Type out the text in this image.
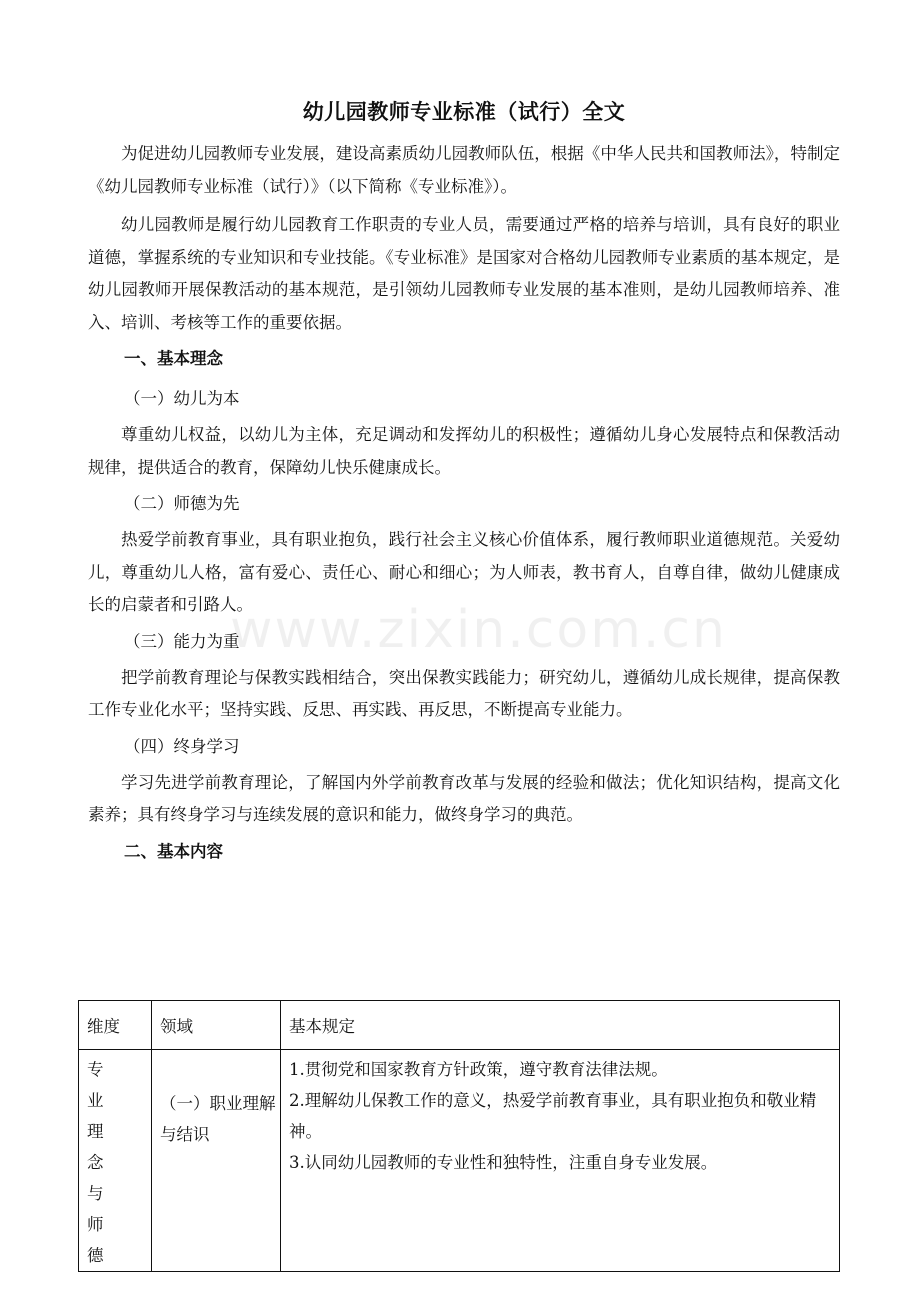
www.zixin.com.cn
幼儿园教师专业标准（试行）全文

为促进幼儿园教师专业发展，建设高素质幼儿园教师队伍，根据《中华人民共和国教师法》，特制定《幼儿园教师专业标准（试行）》（以下简称《专业标准》）。

幼儿园教师是履行幼儿园教育工作职责的专业人员，需要通过严格的培养与培训，具有良好的职业道德，掌握系统的专业知识和专业技能。《专业标准》是国家对合格幼儿园教师专业素质的基本规定，是幼儿园教师开展保教活动的基本规范，是引领幼儿园教师专业发展的基本准则，是幼儿园教师培养、准入、培训、考核等工作的重要依据。

一、基本理念
（一）幼儿为本

尊重幼儿权益，以幼儿为主体，充足调动和发挥幼儿的积极性；遵循幼儿身心发展特点和保教活动规律，提供适合的教育，保障幼儿快乐健康成长。

（二）师德为先

热爱学前教育事业，具有职业抱负，践行社会主义核心价值体系，履行教师职业道德规范。关爱幼儿，尊重幼儿人格，富有爱心、责任心、耐心和细心；为人师表，教书育人，自尊自律，做幼儿健康成长的启蒙者和引路人。

（三）能力为重

把学前教育理论与保教实践相结合，突出保教实践能力；研究幼儿，遵循幼儿成长规律，提高保教工作专业化水平；坚持实践、反思、再实践、再反思，不断提高专业能力。

（四）终身学习

学习先进学前教育理论，了解国内外学前教育改革与发展的经验和做法；优化知识结构，提高文化素养；具有终身学习与连续发展的意识和能力，做终身学习的典范。

二、基本内容
维度	领域	基本规定
专业理念与师德	（一）职业理解与结识	1.贯彻党和国家教育方针政策，遵守教育法律法规。
2.理解幼儿保教工作的意义，热爱学前教育事业，具有职业抱负和敬业精神。
3.认同幼儿园教师的专业性和独特性，注重自身专业发展。
